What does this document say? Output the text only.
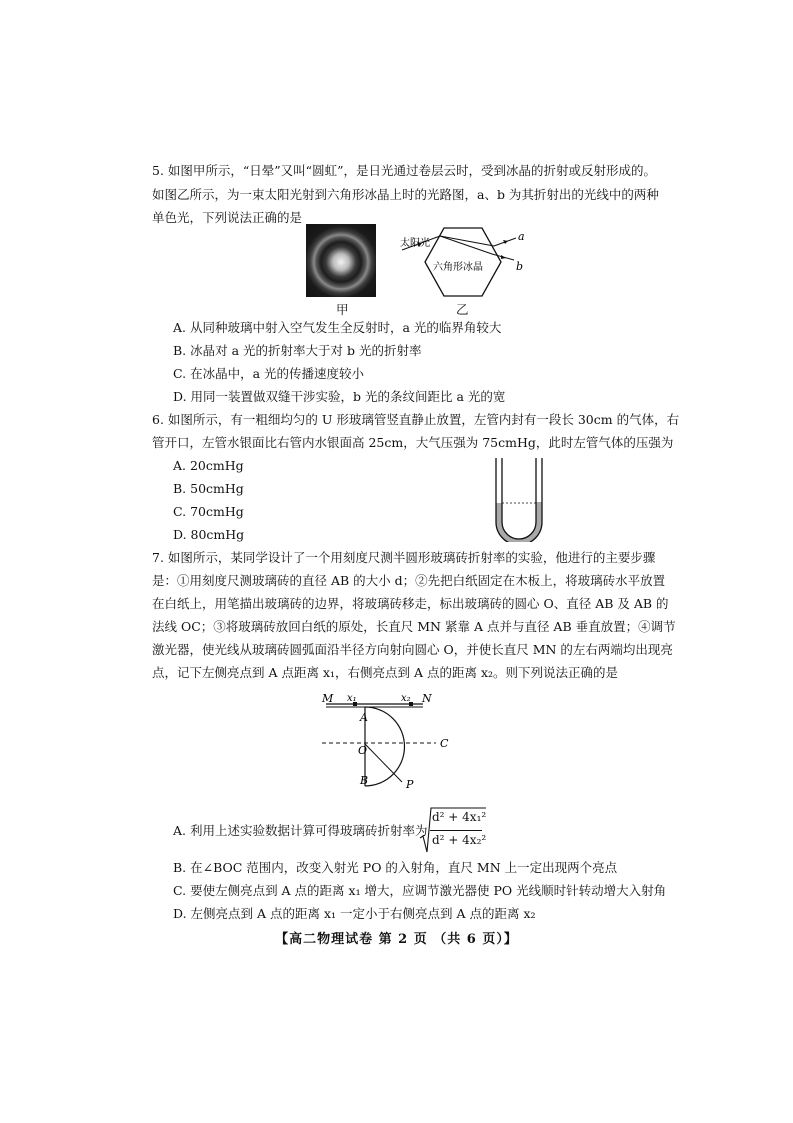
5. 如图甲所示，“日晕”又叫“圆虹”，是日光通过卷层云时，受到冰晶的折射或反射形成的。
如图乙所示，为一束太阳光射到六角形冰晶上时的光路图，a、b 为其折射出的光线中的两种
单色光，下列说法正确的是
甲
太阳光
六角形冰晶
a
b
乙
A. 从同种玻璃中射入空气发生全反射时，a 光的临界角较大
B. 冰晶对 a 光的折射率大于对 b 光的折射率
C. 在冰晶中，a 光的传播速度较小
D. 用同一装置做双缝干涉实验，b 光的条纹间距比 a 光的宽
6. 如图所示，有一粗细均匀的 U 形玻璃管竖直静止放置，左管内封有一段长 30cm 的气体，右
管开口，左管水银面比右管内水银面高 25cm，大气压强为 75cmHg，此时左管气体的压强为
A. 20cmHg
B. 50cmHg
C. 70cmHg
D. 80cmHg
7. 如图所示，某同学设计了一个用刻度尺测半圆形玻璃砖折射率的实验，他进行的主要步骤
是：①用刻度尺测玻璃砖的直径 AB 的大小 d；②先把白纸固定在木板上，将玻璃砖水平放置
在白纸上，用笔描出玻璃砖的边界，将玻璃砖移走，标出玻璃砖的圆心 O、直径 AB 及 AB 的
法线 OC；③将玻璃砖放回白纸的原处，长直尺 MN 紧靠 A 点并与直径 AB 垂直放置；④调节
激光器，使光线从玻璃砖圆弧面沿半径方向射向圆心 O，并使长直尺 MN 的左右两端均出现亮
点，记下左侧亮点到 A 点距离 x₁，右侧亮点到 A 点的距离 x₂。则下列说法正确的是
M x₁	x₂ N
A
O
B
C
P
A. 利用上述实验数据计算可得玻璃砖折射率为
d² + 4x₁²
d² + 4x₂²
B. 在∠BOC 范围内，改变入射光 PO 的入射角，直尺 MN 上一定出现两个亮点
C. 要使左侧亮点到 A 点的距离 x₁ 增大，应调节激光器使 PO 光线顺时针转动增大入射角
D. 左侧亮点到 A 点的距离 x₁ 一定小于右侧亮点到 A 点的距离 x₂
【高二物理试卷 第 2 页 （共 6 页）】
